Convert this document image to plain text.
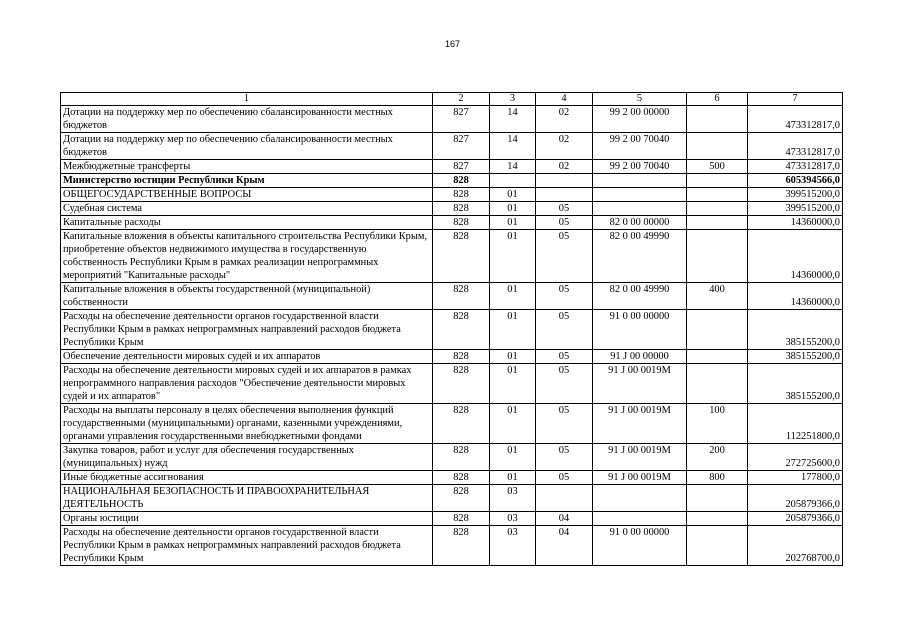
167
1	2	3	4	5	6	7
Дотации на поддержку мер по обеспечению сбалансированности местных бюджетов	827	14	02	99 2 00 00000		473312817,0
Дотации на поддержку мер по обеспечению сбалансированности местных бюджетов	827	14	02	99 2 00 70040		473312817,0
Межбюджетные трансферты	827	14	02	99 2 00 70040	500	473312817,0
Министерство юстиции Республики Крым	828					605394566,0
ОБЩЕГОСУДАРСТВЕННЫЕ ВОПРОСЫ	828	01				399515200,0
Судебная система	828	01	05			399515200,0
Капитальные расходы	828	01	05	82 0 00 00000		14360000,0
Капитальные вложения в объекты капитального строительства Республики Крым, приобретение объектов недвижимого имущества в государственную собственность Республики Крым в рамках реализации непрограммных мероприятий "Капитальные расходы"	828	01	05	82 0 00 49990		14360000,0
Капитальные вложения в объекты государственной (муниципальной) собственности	828	01	05	82 0 00 49990	400	14360000,0
Расходы на обеспечение деятельности органов государственной власти Республики Крым в рамках непрограммных направлений расходов бюджета Республики Крым	828	01	05	91 0 00 00000		385155200,0
Обеспечение деятельности мировых судей и их аппаратов	828	01	05	91 J 00 00000		385155200,0
Расходы на обеспечение деятельности мировых судей и их аппаратов в рамках непрограммного направления расходов "Обеспечение деятельности мировых судей и их аппаратов"	828	01	05	91 J 00 0019M		385155200,0
Расходы на выплаты персоналу в целях обеспечения выполнения функций государственными (муниципальными) органами, казенными учреждениями, органами управления государственными внебюджетными фондами	828	01	05	91 J 00 0019M	100	112251800,0
Закупка товаров, работ и услуг для обеспечения государственных (муниципальных) нужд	828	01	05	91 J 00 0019M	200	272725600,0
Иные бюджетные ассигнования	828	01	05	91 J 00 0019M	800	177800,0
НАЦИОНАЛЬНАЯ БЕЗОПАСНОСТЬ И ПРАВООХРАНИТЕЛЬНАЯ ДЕЯТЕЛЬНОСТЬ	828	03				205879366,0
Органы юстиции	828	03	04			205879366,0
Расходы на обеспечение деятельности органов государственной власти Республики Крым в рамках непрограммных направлений расходов бюджета Республики Крым	828	03	04	91 0 00 00000		202768700,0
